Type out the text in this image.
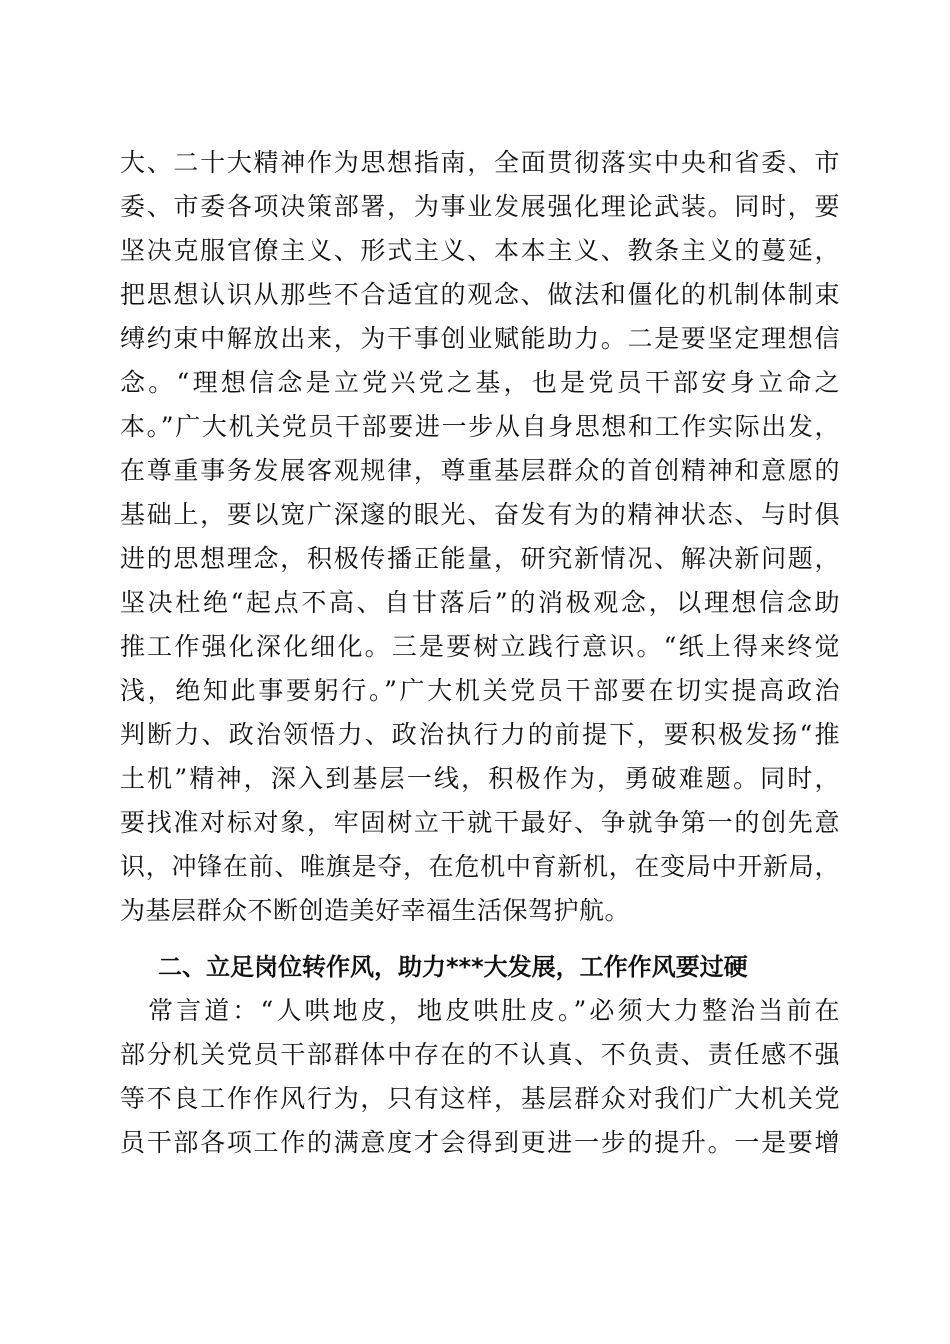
大、二十大精神作为思想指南，全面贯彻落实中央和省委、市
委、市委各项决策部署，为事业发展强化理论武装。同时，要
坚决克服官僚主义、形式主义、本本主义、教条主义的蔓延，
把思想认识从那些不合适宜的观念、做法和僵化的机制体制束
缚约束中解放出来，为干事创业赋能助力。二是要坚定理想信
念。“理想信念是立党兴党之基，也是党员干部安身立命之
本。”广大机关党员干部要进一步从自身思想和工作实际出发，
在尊重事务发展客观规律，尊重基层群众的首创精神和意愿的
基础上，要以宽广深邃的眼光、奋发有为的精神状态、与时俱
进的思想理念，积极传播正能量，研究新情况、解决新问题，
坚决杜绝“起点不高、自甘落后”的消极观念，以理想信念助
推工作强化深化细化。三是要树立践行意识。“纸上得来终觉
浅，绝知此事要躬行。”广大机关党员干部要在切实提高政治
判断力、政治领悟力、政治执行力的前提下，要积极发扬“推
土机”精神，深入到基层一线，积极作为，勇破难题。同时，
要找准对标对象，牢固树立干就干最好、争就争第一的创先意
识，冲锋在前、唯旗是夺，在危机中育新机，在变局中开新局，
为基层群众不断创造美好幸福生活保驾护航。
二、立足岗位转作风，助力***大发展，工作作风要过硬
常言道：“人哄地皮，地皮哄肚皮。”必须大力整治当前在
部分机关党员干部群体中存在的不认真、不负责、责任感不强
等不良工作作风行为，只有这样，基层群众对我们广大机关党
员干部各项工作的满意度才会得到更进一步的提升。一是要增
